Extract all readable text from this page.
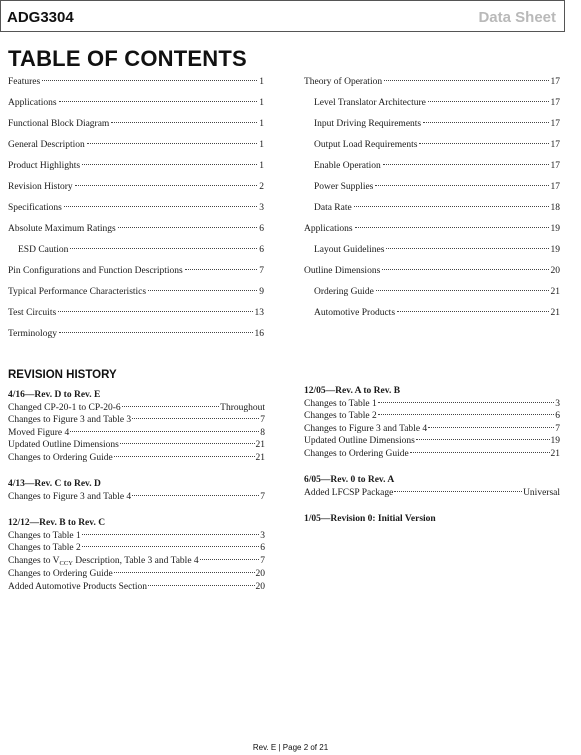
ADG3304	Data Sheet
TABLE OF CONTENTS
Features	1
Applications	1
Functional Block Diagram	1
General Description	1
Product Highlights	1
Revision History	2
Specifications	3
Absolute Maximum Ratings	6
ESD Caution	6
Pin Configurations and Function Descriptions	7
Typical Performance Characteristics	9
Test Circuits	13
Terminology	16
Theory of Operation	17
Level Translator Architecture	17
Input Driving Requirements	17
Output Load Requirements	17
Enable Operation	17
Power Supplies	17
Data Rate	18
Applications	19
Layout Guidelines	19
Outline Dimensions	20
Ordering Guide	21
Automotive Products	21
REVISION HISTORY
4/16—Rev. D to Rev. E
Changed CP-20-1 to CP-20-6	Throughout
Changes to Figure 3 and Table 3	7
Moved Figure 4	8
Updated Outline Dimensions	21
Changes to Ordering Guide	21
4/13—Rev. C to Rev. D
Changes to Figure 3 and Table 4	7
12/12—Rev. B to Rev. C
Changes to Table 1	3
Changes to Table 2	6
Changes to $V_{CCY}$ Description, Table 3 and Table 4	7
Changes to Ordering Guide	20
Added Automotive Products Section	20
12/05—Rev. A to Rev. B
Changes to Table 1	3
Changes to Table 2	6
Changes to Figure 3 and Table 4	7
Updated Outline Dimensions	19
Changes to Ordering Guide	21
6/05—Rev. 0 to Rev. A
Added LFCSP Package	Universal
1/05—Revision 0: Initial Version
Rev. E | Page 2 of 21
